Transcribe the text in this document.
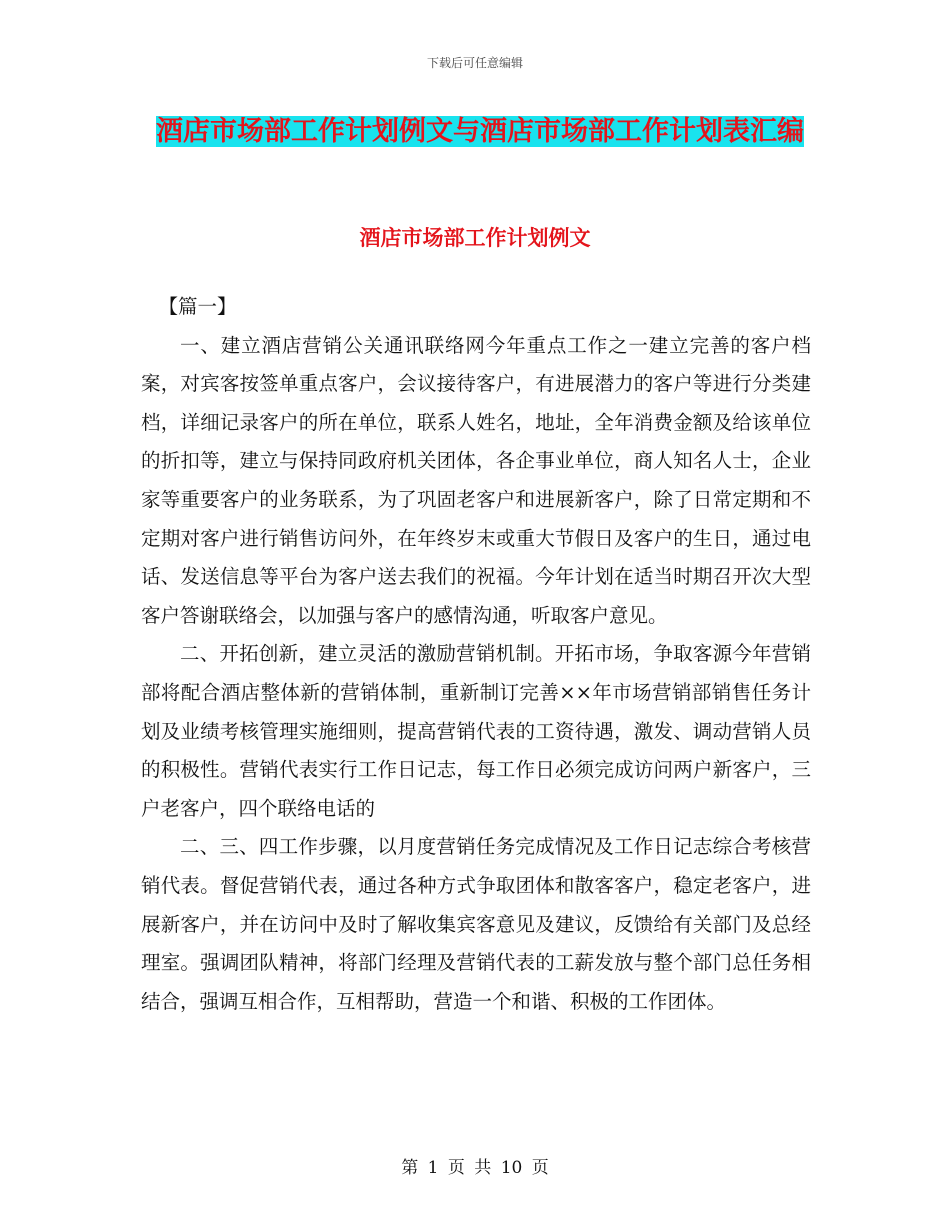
下载后可任意编辑
酒店市场部工作计划例文与酒店市场部工作计划表汇编
酒店市场部工作计划例文

【篇一】

一、建立酒店营销公关通讯联络网今年重点工作之一建立完善的客户档案，对宾客按签单重点客户，会议接待客户，有进展潜力的客户等进行分类建档，详细记录客户的所在单位，联系人姓名，地址，全年消费金额及给该单位的折扣等，建立与保持同政府机关团体，各企事业单位，商人知名人士，企业家等重要客户的业务联系，为了巩固老客户和进展新客户，除了日常定期和不定期对客户进行销售访问外，在年终岁末或重大节假日及客户的生日，通过电话、发送信息等平台为客户送去我们的祝福。今年计划在适当时期召开次大型客户答谢联络会，以加强与客户的感情沟通，听取客户意见。

二、开拓创新，建立灵活的激励营销机制。开拓市场，争取客源今年营销部将配合酒店整体新的营销体制，重新制订完善××年市场营销部销售任务计划及业绩考核管理实施细则，提高营销代表的工资待遇，激发、调动营销人员的积极性。营销代表实行工作日记志，每工作日必须完成访问两户新客户，三户老客户，四个联络电话的

二、三、四工作步骤，以月度营销任务完成情况及工作日记志综合考核营销代表。督促营销代表，通过各种方式争取团体和散客客户，稳定老客户，进展新客户，并在访问中及时了解收集宾客意见及建议，反馈给有关部门及总经理室。强调团队精神，将部门经理及营销代表的工薪发放与整个部门总任务相结合，强调互相合作，互相帮助，营造一个和谐、积极的工作团体。

第 1 页 共 10 页
